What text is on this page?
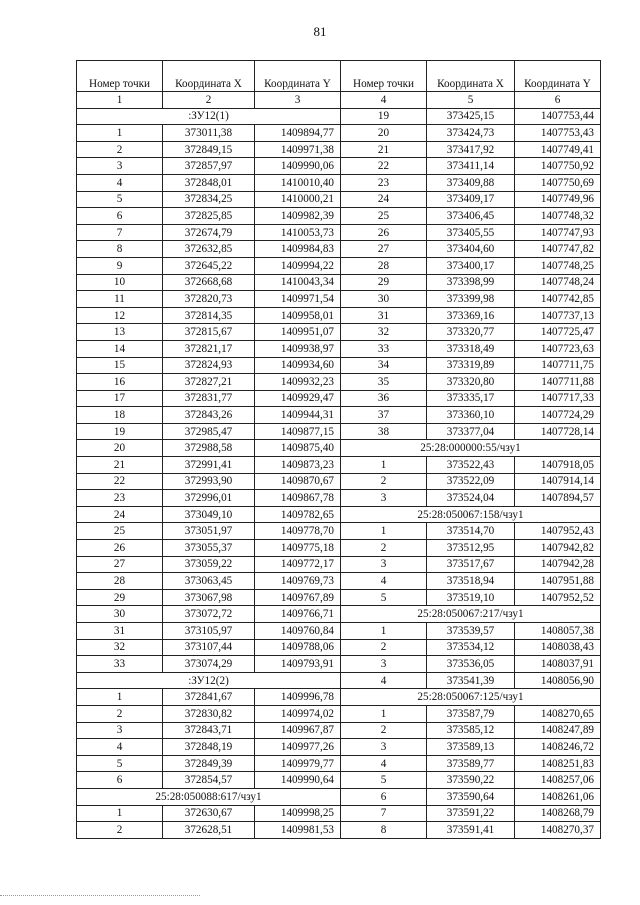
81
Номер точки	Координата X	Координата Y	Номер точки	Координата X	Координата Y
1	2	3	4	5	6
:ЗУ12(1)			19	373425,15	1407753,44
1	373011,38	1409894,77	20	373424,73	1407753,43
2	372849,15	1409971,38	21	373417,92	1407749,41
3	372857,97	1409990,06	22	373411,14	1407750,92
4	372848,01	1410010,40	23	373409,88	1407750,69
5	372834,25	1410000,21	24	373409,17	1407749,96
6	372825,85	1409982,39	25	373406,45	1407748,32
7	372674,79	1410053,73	26	373405,55	1407747,93
8	372632,85	1409984,83	27	373404,60	1407747,82
9	372645,22	1409994,22	28	373400,17	1407748,25
10	372668,68	1410043,34	29	373398,99	1407748,24
11	372820,73	1409971,54	30	373399,98	1407742,85
12	372814,35	1409958,01	31	373369,16	1407737,13
13	372815,67	1409951,07	32	373320,77	1407725,47
14	372821,17	1409938,97	33	373318,49	1407723,63
15	372824,93	1409934,60	34	373319,89	1407711,75
16	372827,21	1409932,23	35	373320,80	1407711,88
17	372831,77	1409929,47	36	373335,17	1407717,33
18	372843,26	1409944,31	37	373360,10	1407724,29
19	372985,47	1409877,15	38	373377,04	1407728,14
20	372988,58	1409875,40	25:28:000000:55/чзу1		
21	372991,41	1409873,23	1	373522,43	1407918,05
22	372993,90	1409870,67	2	373522,09	1407914,14
23	372996,01	1409867,78	3	373524,04	1407894,57
24	373049,10	1409782,65	25:28:050067:158/чзу1		
25	373051,97	1409778,70	1	373514,70	1407952,43
26	373055,37	1409775,18	2	373512,95	1407942,82
27	373059,22	1409772,17	3	373517,67	1407942,28
28	373063,45	1409769,73	4	373518,94	1407951,88
29	373067,98	1409767,89	5	373519,10	1407952,52
30	373072,72	1409766,71	25:28:050067:217/чзу1		
31	373105,97	1409760,84	1	373539,57	1408057,38
32	373107,44	1409788,06	2	373534,12	1408038,43
33	373074,29	1409793,91	3	373536,05	1408037,91
:ЗУ12(2)			4	373541,39	1408056,90
1	372841,67	1409996,78	25:28:050067:125/чзу1		
2	372830,82	1409974,02	1	373587,79	1408270,65
3	372843,71	1409967,87	2	373585,12	1408247,89
4	372848,19	1409977,26	3	373589,13	1408246,72
5	372849,39	1409979,77	4	373589,77	1408251,83
6	372854,57	1409990,64	5	373590,22	1408257,06
25:28:050088:617/чзу1			6	373590,64	1408261,06
1	372630,67	1409998,25	7	373591,22	1408268,79
2	372628,51	1409981,53	8	373591,41	1408270,37
